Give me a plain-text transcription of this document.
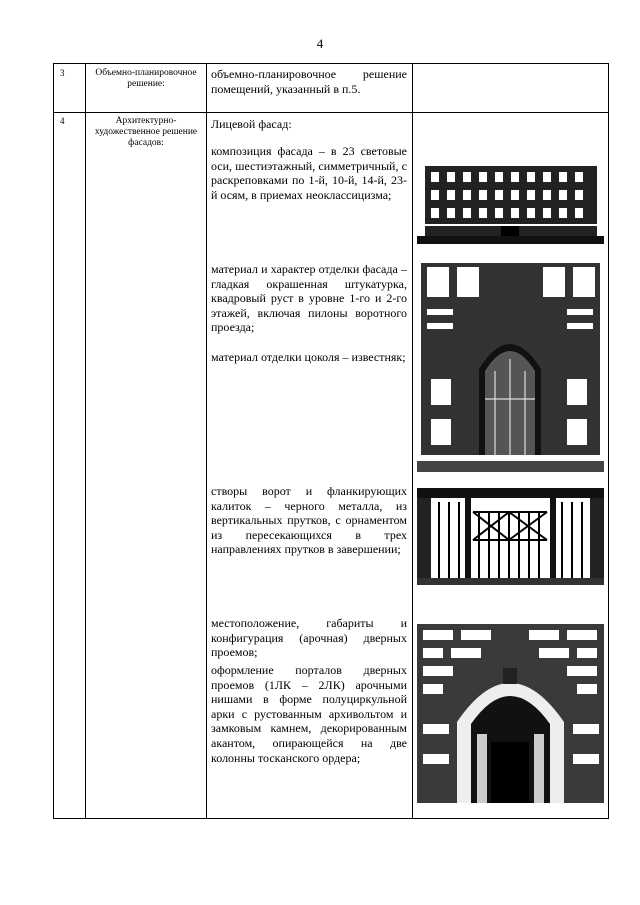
4
3	Объемно-планировочное решение:
объемно-планировочное решение помещений, указанный в п.5.
4	Архитектурно-художественное решение фасадов:
Лицевой фасад:
композиция фасада – в 23 световые оси, шестиэтажный, симметричный, с раскреповками по 1-й, 10-й, 14-й, 23-й осям, в приемах неоклассицизма;
материал и характер отделки фасада – гладкая окрашенная штукатурка, квадровый руст в уровне 1-го и 2-го этажей, включая пилоны воротного проезда;
материал отделки цоколя – известняк;
створы ворот и фланкирующих калиток – черного металла, из вертикальных прутков, с орнаментом из пересекающихся в трех направлениях прутков в завершении;
местоположение, габариты и конфигурация (арочная) дверных проемов;
оформление порталов дверных проемов (1ЛК – 2ЛК) арочными нишами в форме полуциркульной арки с рустованным архивольтом и замковым камнем, декорированным акантом, опирающейся на две колонны тосканского ордера;
